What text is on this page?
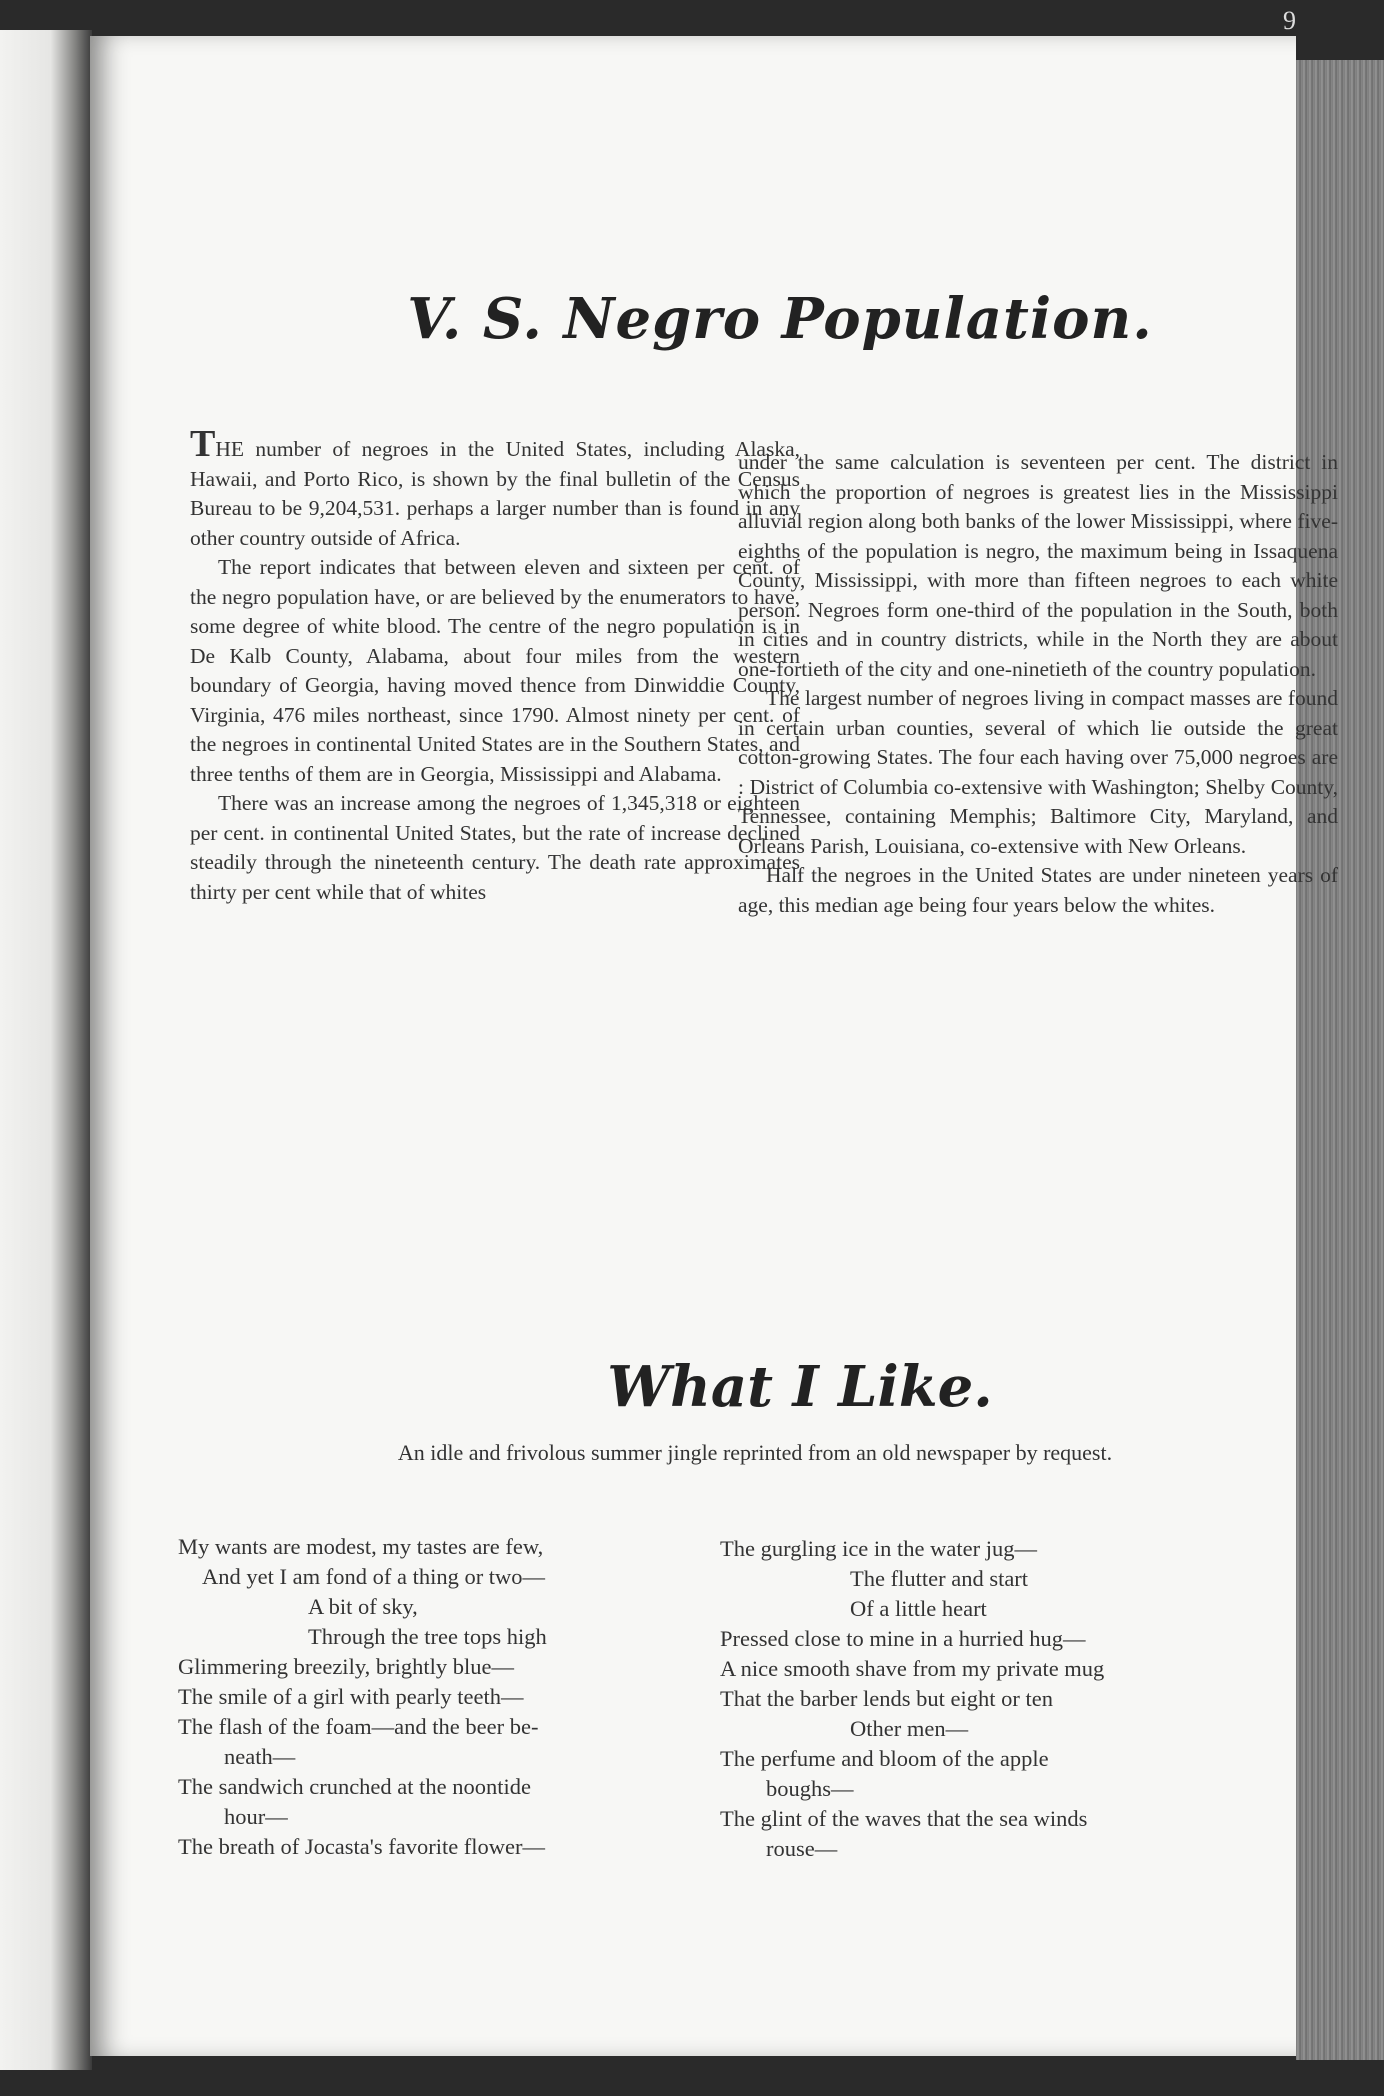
9
V. S. Negro Population.

THE number of negroes in the United States, including Alaska, Hawaii, and Porto Rico, is shown by the final bulletin of the Census Bureau to be 9,204,531. perhaps a larger number than is found in any other country outside of Africa.

The report indicates that between eleven and sixteen per cent. of the negro population have, or are believed by the enumerators to have, some degree of white blood. The centre of the negro population is in De Kalb County, Alabama, about four miles from the western boundary of Georgia, having moved thence from Dinwiddie County, Virginia, 476 miles northeast, since 1790. Almost ninety per cent. of the negroes in continental United States are in the Southern States, and three tenths of them are in Georgia, Mississippi and Alabama.

There was an increase among the negroes of 1,345,318 or eighteen per cent. in continental United States, but the rate of increase declined steadily through the nineteenth century. The death rate approximates thirty per cent while that of whites

under the same calculation is seventeen per cent. The district in which the proportion of negroes is greatest lies in the Mississippi alluvial region along both banks of the lower Mississippi, where five-eighths of the population is negro, the maximum being in Issaquena County, Mississippi, with more than fifteen negroes to each white person. Negroes form one-third of the population in the South, both in cities and in country districts, while in the North they are about one-fortieth of the city and one-ninetieth of the country population.

The largest number of negroes living in compact masses are found in certain urban counties, several of which lie outside the great cotton-growing States. The four each having over 75,000 negroes are : District of Columbia co-extensive with Washington; Shelby County, Tennessee, containing Memphis; Baltimore City, Maryland, and Orleans Parish, Louisiana, co-extensive with New Orleans.

Half the negroes in the United States are under nineteen years of age, this median age being four years below the whites.

What I Like.
An idle and frivolous summer jingle reprinted from an old newspaper by request.
My wants are modest, my tastes are few,
And yet I am fond of a thing or two—
A bit of sky,
Through the tree tops high
Glimmering breezily, brightly blue—
The smile of a girl with pearly teeth—
The flash of the foam—and the beer be-
neath—
The sandwich crunched at the noontide
hour—
The breath of Jocasta's favorite flower—
The gurgling ice in the water jug—
The flutter and start
Of a little heart
Pressed close to mine in a hurried hug—
A nice smooth shave from my private mug
That the barber lends but eight or ten
Other men—
The perfume and bloom of the apple
boughs—
The glint of the waves that the sea winds
rouse—
